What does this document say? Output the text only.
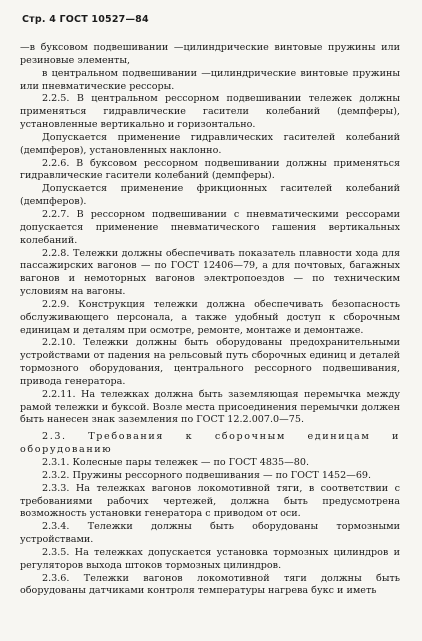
Стр. 4 ГОСТ 10527—84

—в буксовом подвешивании —цилиндрические винтовые пружины или резиновые элементы,

в центральном подвешивании —цилиндрические винтовые пружины или пневматические рессоры.

2.2.5. В центральном рессорном подвешивании тележек должны применяться гидравлические гасители колебаний (демпферы), установленные вертикально и горизонтально.

Допускается применение гидравлических гасителей колебаний (демпферов), установленных наклонно.

2.2.6. В буксовом рессорном подвешивании должны применяться гидравлические гасители колебаний (демпферы).

Допускается применение фрикционных гасителей колебаний (демпферов).

2.2.7. В рессорном подвешивании с пневматическими рессорами допускается применение пневматического гашения вертикальных колебаний.

2.2.8. Тележки должны обеспечивать показатель плавности хода для пассажирских вагонов — по ГОСТ 12406—79, а для почтовых, багажных вагонов и немоторных вагонов электропоездов — по техническим условиям на вагоны.

2.2.9. Конструкция тележки должна обеспечивать безопасность обслуживающего персонала, а также удобный доступ к сборочным единицам и деталям при осмотре, ремонте, монтаже и демонтаже.

2.2.10. Тележки должны быть оборудованы предохранительными устройствами от падения на рельсовый путь сборочных единиц и деталей тормозного оборудования, центрального рессорного подвешивания, привода генератора.

2.2.11. На тележках должна быть заземляющая перемычка между рамой тележки и буксой. Возле места присоединения перемычки должен быть нанесен знак заземления по ГОСТ 12.2.007.0—75.

2.3. Требования к сборочным единицам и оборудованию

2.3.1. Колесные пары тележек — по ГОСТ 4835—80.

2.3.2. Пружины рессорного подвешивания — по ГОСТ 1452—69.

2.3.3. На тележках вагонов локомотивной тяги, в соответствии с требованиями рабочих чертежей, должна быть предусмотрена возможность установки генератора с приводом от оси.

2.3.4. Тележки должны быть оборудованы тормозными устройствами.

2.3.5. На тележках допускается установка тормозных цилиндров и регуляторов выхода штоков тормозных цилиндров.

2.3.6. Тележки вагонов локомотивной тяги должны быть оборудованы датчиками контроля температуры нагрева букс и иметь
